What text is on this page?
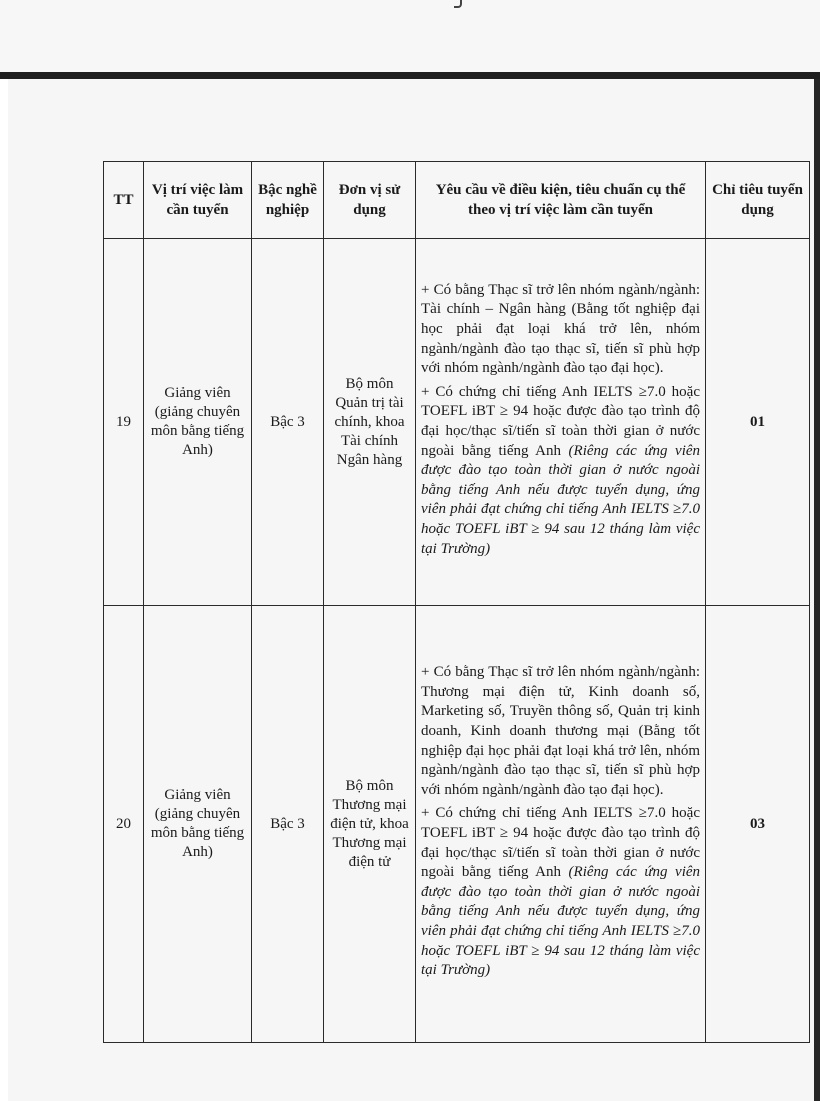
TT	Vị trí việc làm cần tuyển	Bậc nghề nghiệp	Đơn vị sử dụng	Yêu cầu về điều kiện, tiêu chuẩn cụ thể theo vị trí việc làm cần tuyển	Chỉ tiêu tuyển dụng
19	Giảng viên (giảng chuyên môn bằng tiếng Anh)	Bậc 3	Bộ môn Quản trị tài chính, khoa Tài chính Ngân hàng	+ Có bằng Thạc sĩ trở lên nhóm ngành/ngành: Tài chính – Ngân hàng (Bằng tốt nghiệp đại học phải đạt loại khá trở lên, nhóm ngành/ngành đào tạo thạc sĩ, tiến sĩ phù hợp với nhóm ngành/ngành đào tạo đại học).

+ Có chứng chỉ tiếng Anh IELTS ≥7.0 hoặc TOEFL iBT ≥ 94 hoặc được đào tạo trình độ đại học/thạc sĩ/tiến sĩ toàn thời gian ở nước ngoài bằng tiếng Anh (Riêng các ứng viên được đào tạo toàn thời gian ở nước ngoài bằng tiếng Anh nếu được tuyển dụng, ứng viên phải đạt chứng chỉ tiếng Anh IELTS ≥7.0 hoặc TOEFL iBT ≥ 94 sau 12 tháng làm việc tại Trường)	01
20	Giảng viên (giảng chuyên môn bằng tiếng Anh)	Bậc 3	Bộ môn Thương mại điện tử, khoa Thương mại điện tử	+ Có bằng Thạc sĩ trở lên nhóm ngành/ngành: Thương mại điện tử, Kinh doanh số, Marketing số, Truyền thông số, Quản trị kinh doanh, Kinh doanh thương mại (Bằng tốt nghiệp đại học phải đạt loại khá trở lên, nhóm ngành/ngành đào tạo thạc sĩ, tiến sĩ phù hợp với nhóm ngành/ngành đào tạo đại học).

+ Có chứng chỉ tiếng Anh IELTS ≥7.0 hoặc TOEFL iBT ≥ 94 hoặc được đào tạo trình độ đại học/thạc sĩ/tiến sĩ toàn thời gian ở nước ngoài bằng tiếng Anh (Riêng các ứng viên được đào tạo toàn thời gian ở nước ngoài bằng tiếng Anh nếu được tuyển dụng, ứng viên phải đạt chứng chỉ tiếng Anh IELTS ≥7.0 hoặc TOEFL iBT ≥ 94 sau 12 tháng làm việc tại Trường)	03
